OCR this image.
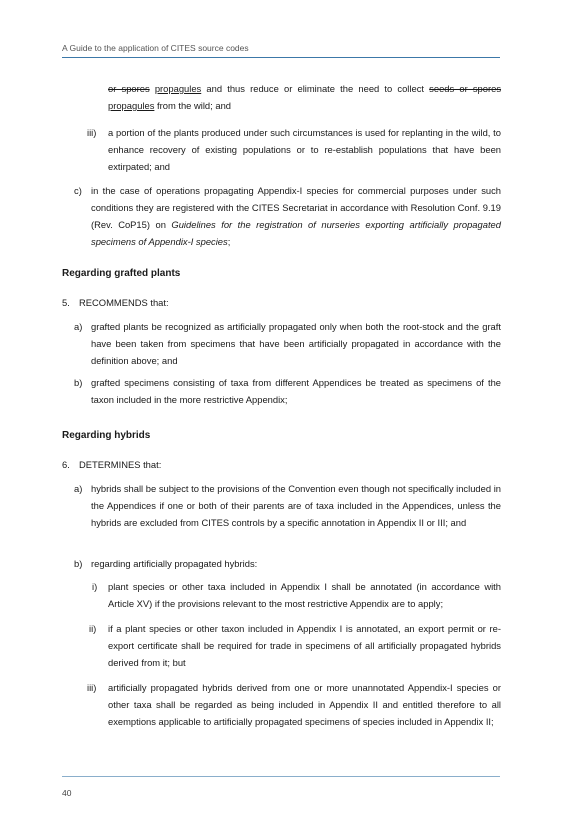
A Guide to the application of CITES source codes
or spores propagules and thus reduce or eliminate the need to collect seeds or spores propagules from the wild; and
iii) a portion of the plants produced under such circumstances is used for replanting in the wild, to enhance recovery of existing populations or to re-establish populations that have been extirpated; and
c) in the case of operations propagating Appendix-I species for commercial purposes under such conditions they are registered with the CITES Secretariat in accordance with Resolution Conf. 9.19 (Rev. CoP15) on Guidelines for the registration of nurseries exporting artificially propagated specimens of Appendix-I species;
Regarding grafted plants
5. RECOMMENDS that:
a) grafted plants be recognized as artificially propagated only when both the root-stock and the graft have been taken from specimens that have been artificially propagated in accordance with the definition above; and
b) grafted specimens consisting of taxa from different Appendices be treated as specimens of the taxon included in the more restrictive Appendix;
Regarding hybrids
6. DETERMINES that:
a) hybrids shall be subject to the provisions of the Convention even though not specifically included in the Appendices if one or both of their parents are of taxa included in the Appendices, unless the hybrids are excluded from CITES controls by a specific annotation in Appendix II or III; and
b) regarding artificially propagated hybrids:
i) plant species or other taxa included in Appendix I shall be annotated (in accordance with Article XV) if the provisions relevant to the most restrictive Appendix are to apply;
ii) if a plant species or other taxon included in Appendix I is annotated, an export permit or re-export certificate shall be required for trade in specimens of all artificially propagated hybrids derived from it; but
iii) artificially propagated hybrids derived from one or more unannotated Appendix-I species or other taxa shall be regarded as being included in Appendix II and entitled therefore to all exemptions applicable to artificially propagated specimens of species included in Appendix II;
40
